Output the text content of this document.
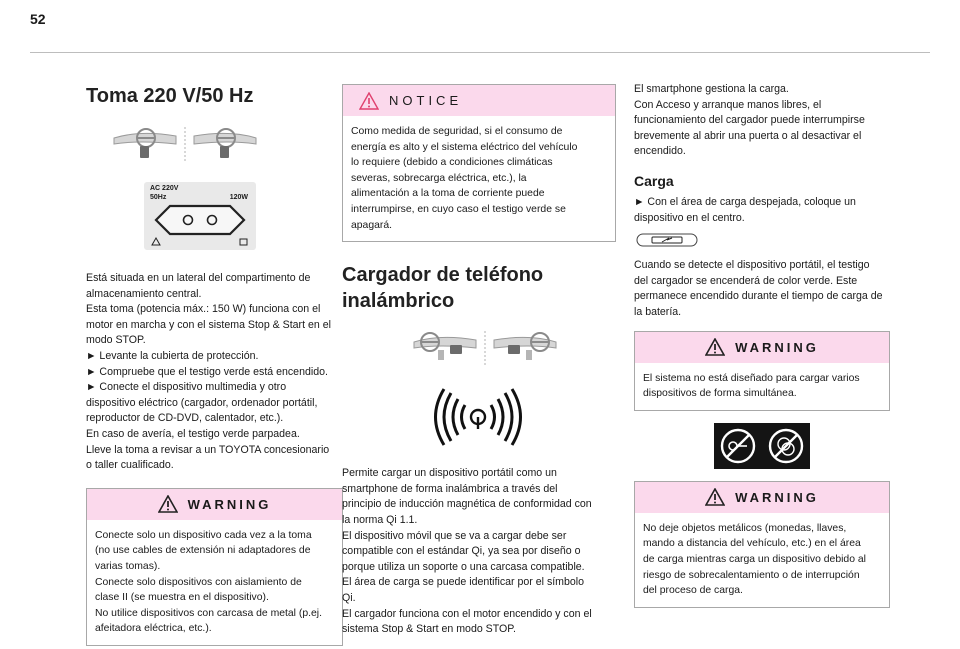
52
Toma 220 V/50 Hz
AC 220V
50Hz	120W

Está situada en un lateral del compartimento de
almacenamiento central.
Esta toma (potencia máx.: 150 W) funciona con el
motor en marcha y con el sistema Stop & Start en el
modo STOP.
► Levante la cubierta de protección.
► Compruebe que el testigo verde está encendido.
► Conecte el dispositivo multimedia y otro
dispositivo eléctrico (cargador, ordenador portátil,
reproductor de CD-DVD, calentador, etc.).
En caso de avería, el testigo verde parpadea.
Lleve la toma a revisar a un TOYOTA concesionario
o taller cualificado.

WARNING

Conecte solo un dispositivo cada vez a la toma
(no use cables de extensión ni adaptadores de
varias tomas).
Conecte solo dispositivos con aislamiento de
clase II (se muestra en el dispositivo).
No utilice dispositivos con carcasa de metal (p.ej.
afeitadora eléctrica, etc.).

NOTICE

Como medida de seguridad, si el consumo de
energía es alto y el sistema eléctrico del vehículo
lo requiere (debido a condiciones climáticas
severas, sobrecarga eléctrica, etc.), la
alimentación a la toma de corriente puede
interrumpirse, en cuyo caso el testigo verde se
apagará.

Cargador de teléfono
inalámbrico

Permite cargar un dispositivo portátil como un
smartphone de forma inalámbrica a través del
principio de inducción magnética de conformidad con
la norma Qi 1.1.
El dispositivo móvil que se va a cargar debe ser
compatible con el estándar Qi, ya sea por diseño o
porque utiliza un soporte o una carcasa compatible.
El área de carga se puede identificar por el símbolo
Qi.
El cargador funciona con el motor encendido y con el
sistema Stop & Start en modo STOP.

El smartphone gestiona la carga.
Con Acceso y arranque manos libres, el
funcionamiento del cargador puede interrumpirse
brevemente al abrir una puerta o al desactivar el
encendido.

Carga

► Con el área de carga despejada, coloque un
dispositivo en el centro.

Cuando se detecte el dispositivo portátil, el testigo
del cargador se encenderá de color verde. Este
permanece encendido durante el tiempo de carga de
la batería.

WARNING

El sistema no está diseñado para cargar varios
dispositivos de forma simultánea.

WARNING

No deje objetos metálicos (monedas, llaves,
mando a distancia del vehículo, etc.) en el área
de carga mientras carga un dispositivo debido al
riesgo de sobrecalentamiento o de interrupción
del proceso de carga.
